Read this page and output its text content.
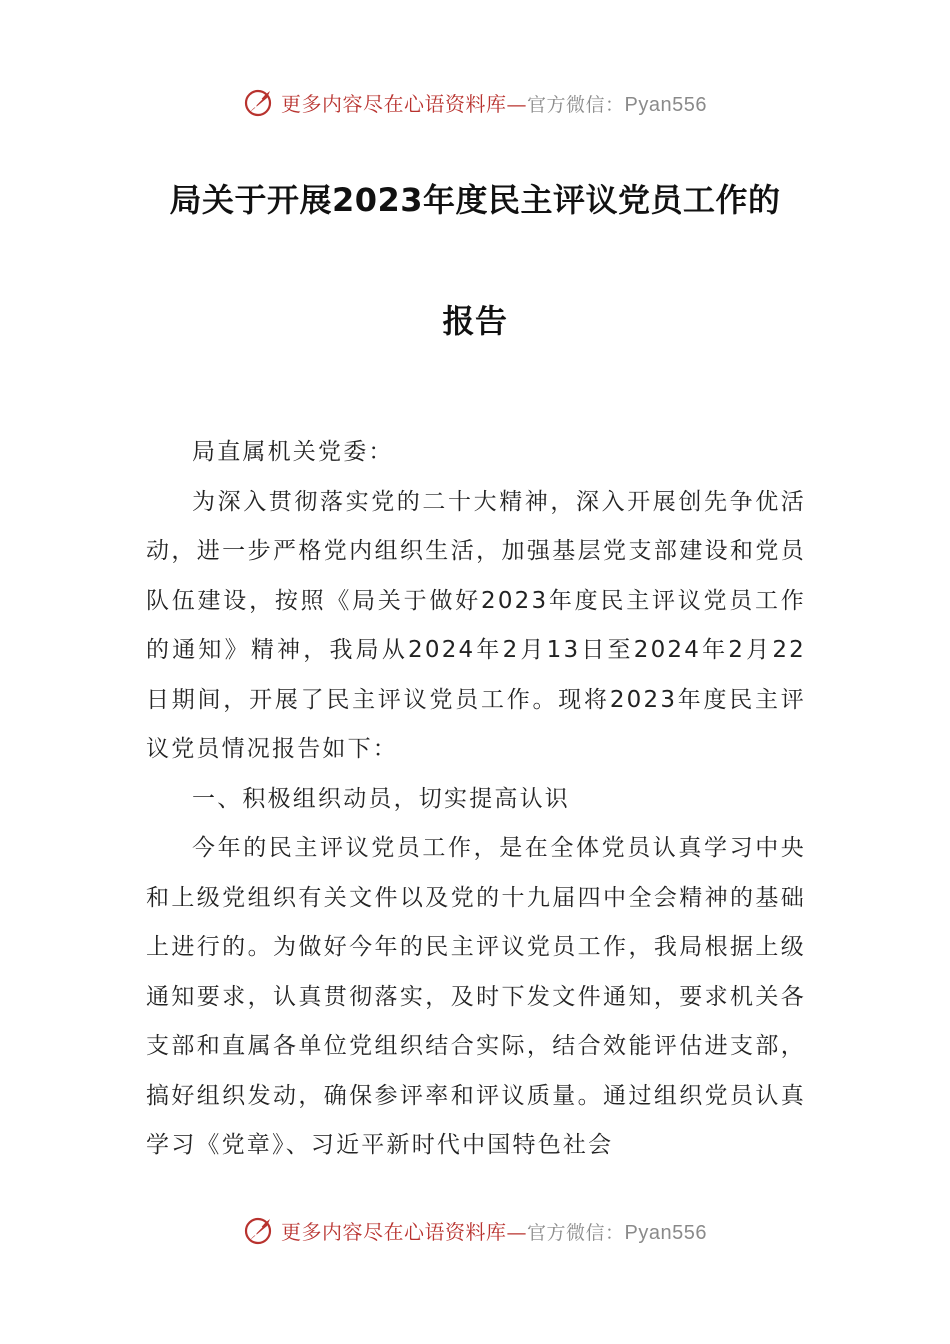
更多内容尽在心语资料库—官方微信：Pyan556
局关于开展2023年度民主评议党员工作的
报告

局直属机关党委：

为深入贯彻落实党的二十大精神，深入开展创先争优活动，进一步严格党内组织生活，加强基层党支部建设和党员队伍建设，按照《局关于做好2023年度民主评议党员工作的通知》精神，我局从2024年2月13日至2024年2月22日期间，开展了民主评议党员工作。现将2023年度民主评议党员情况报告如下：

一、积极组织动员，切实提高认识

今年的民主评议党员工作，是在全体党员认真学习中央和上级党组织有关文件以及党的十九届四中全会精神的基础上进行的。为做好今年的民主评议党员工作，我局根据上级通知要求，认真贯彻落实，及时下发文件通知，要求机关各支部和直属各单位党组织结合实际，结合效能评估进支部，搞好组织发动，确保参评率和评议质量。通过组织党员认真学习《党章》、习近平新时代中国特色社会

更多内容尽在心语资料库—官方微信：Pyan556
